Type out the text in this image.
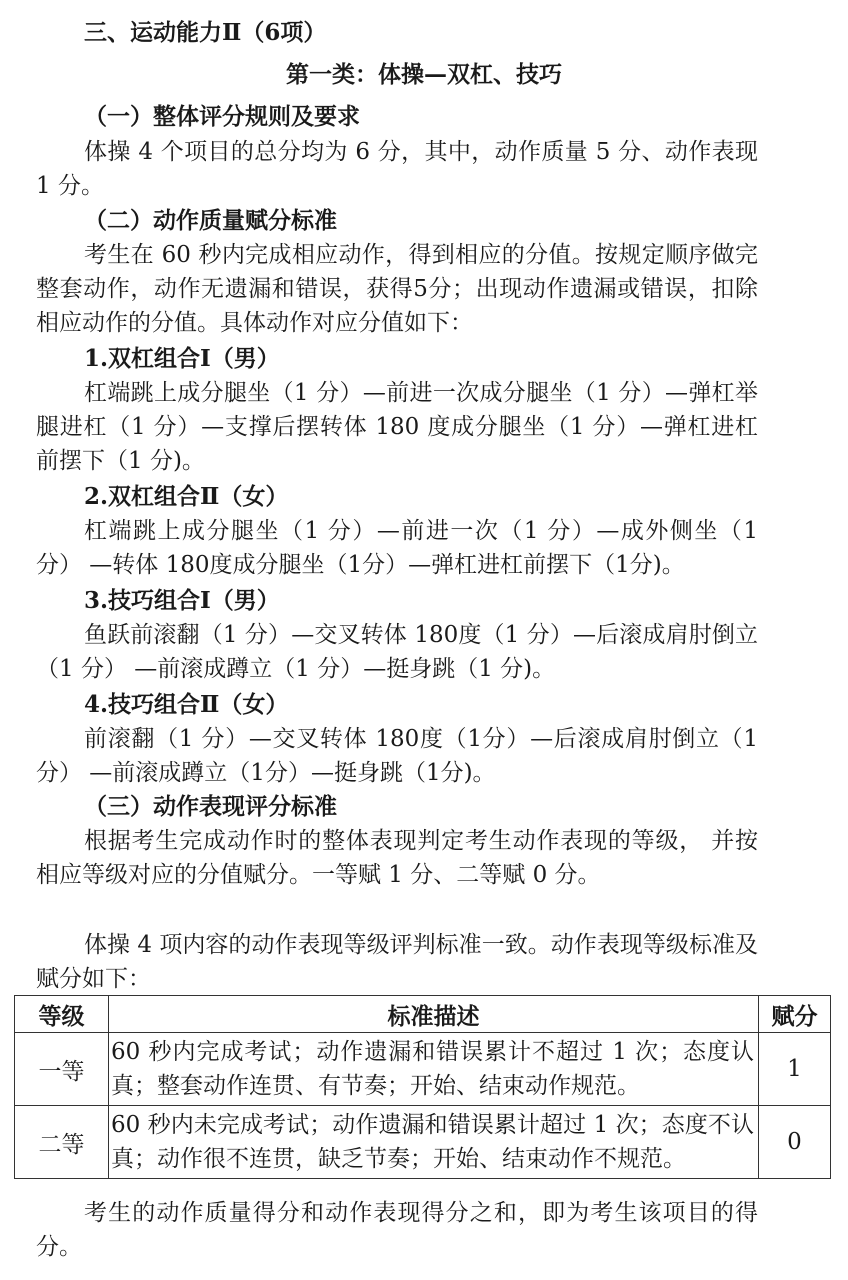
三、运动能力Ⅱ（6项）
第一类：体操—双杠、技巧
（一）整体评分规则及要求
体操 4 个项目的总分均为 6 分，其中，动作质量 5 分、动作表现 1 分。
（二）动作质量赋分标准
考生在 60 秒内完成相应动作，得到相应的分值。按规定顺序做完整套动作，动作无遗漏和错误，获得5分；出现动作遗漏或错误，扣除相应动作的分值。具体动作对应分值如下：
1.双杠组合Ⅰ（男）
杠端跳上成分腿坐（1 分）—前进一次成分腿坐（1 分）—弹杠举腿进杠（1 分）—支撑后摆转体 180 度成分腿坐（1 分）—弹杠进杠前摆下（1 分)。
2.双杠组合Ⅱ（女）
杠端跳上成分腿坐（1 分）—前进一次（1 分）—成外侧坐（1 分） —转体 180度成分腿坐（1分）—弹杠进杠前摆下（1分)。
3.技巧组合Ⅰ（男）
鱼跃前滚翻（1 分）—交叉转体 180度（1 分）—后滚成肩肘倒立（1 分） —前滚成蹲立（1 分）—挺身跳（1 分)。
4.技巧组合Ⅱ（女）
前滚翻（1 分）—交叉转体 180度（1分）—后滚成肩肘倒立（1分） —前滚成蹲立（1分）—挺身跳（1分)。
（三）动作表现评分标准
根据考生完成动作时的整体表现判定考生动作表现的等级， 并按相应等级对应的分值赋分。一等赋 1 分、二等赋 0 分。
体操 4 项内容的动作表现等级评判标准一致。动作表现等级标准及赋分如下：
等级	标准描述	赋分
一等	60 秒内完成考试；动作遗漏和错误累计不超过 1 次；态度认真；整套动作连贯、有节奏；开始、结束动作规范。	1
二等	60 秒内未完成考试；动作遗漏和错误累计超过 1 次；态度不认真；动作很不连贯，缺乏节奏；开始、结束动作不规范。	0
考生的动作质量得分和动作表现得分之和，即为考生该项目的得分。
